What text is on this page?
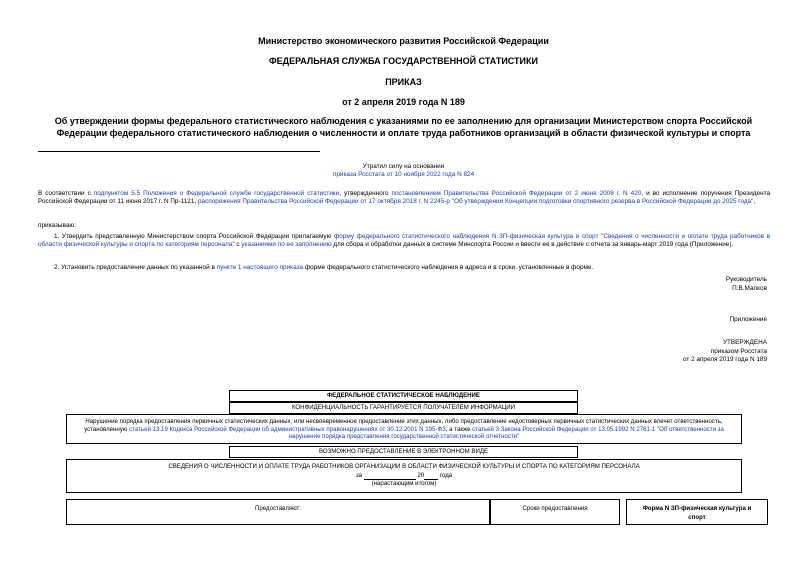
Министерство экономического развития Российской Федерации
ФЕДЕРАЛЬНАЯ СЛУЖБА ГОСУДАРСТВЕННОЙ СТАТИСТИКИ
ПРИКАЗ
от 2 апреля 2019 года N 189
Об утверждении формы федерального статистического наблюдения с указаниями по ее заполнению для организации Министерством спорта Российской Федерации федерального статистического наблюдения о численности и оплате труда работников организаций в области физической культуры и спорта
Утратил силу на основании
приказа Росстата от 10 ноября 2022 года N 824
В соответствии с подпунктом 5.5 Положения о Федеральной службе государственной статистики, утвержденного постановлением Правительства Российской Федерации от 2 июня 2008 г. N 420, и во исполнение поручения Президента Российской Федерации от 11 июня 2017 г. N Пр-1121, распоряжения Правительства Российской Федерации от 17 октября 2018 г. N 2245-р "Об утверждении Концепции подготовки спортивного резерва в Российской Федерации до 2025 года",
приказываю:
1. Утвердить представленную Министерством спорта Российской Федерации прилагаемую форму федерального статистического наблюдения N ЗП-физическая культура и спорт "Сведения о численности и оплате труда работников в области физической культуры и спорта по категориям персонала" с указаниями по ее заполнению для сбора и обработки данных в системе Минспорта России и ввести ее в действие с отчета за январь-март 2019 года (Приложение).
2. Установить предоставление данных по указанной в пункте 1 настоящего приказа форме федерального статистического наблюдения в адреса и в сроки, установленные в форме.
Руководитель
П.В.Малков
Приложение
УТВЕРЖДЕНА
приказом Росстата
от 2 апреля 2019 года N 189
ФЕДЕРАЛЬНОЕ СТАТИСТИЧЕСКОЕ НАБЛЮДЕНИЕ
КОНФИДЕНЦИАЛЬНОСТЬ ГАРАНТИРУЕТСЯ ПОЛУЧАТЕЛЕМ ИНФОРМАЦИИ
Нарушение порядка предоставления первичных статистических данных, или несвоевременное предоставление этих данных, либо предоставление недостоверных первичных статистических данных влечет ответственность, установленную статьей 13.19 Кодекса Российской Федерации об административных правонарушениях от 30.12.2001 N 195-ФЗ, а также статьей 3 Закона Российской Федерации от 13.05.1992 N 2761-1 "Об ответственности за нарушение порядка представления государственной статистической отчетности"
ВОЗМОЖНО ПРЕДОСТАВЛЕНИЕ В ЭЛЕКТРОННОМ ВИДЕ
СВЕДЕНИЯ О ЧИСЛЕННОСТИ И ОПЛАТЕ ТРУДА РАБОТНИКОВ ОРГАНИЗАЦИИ В ОБЛАСТИ ФИЗИЧЕСКОЙ КУЛЬТУРЫ И СПОРТА ПО КАТЕГОРИЯМ ПЕРСОНАЛА
за	20	года
(нарастающим итогом)
Предоставляют:	Сроки предоставления	Форма N ЗП-физическая культура и спорт
